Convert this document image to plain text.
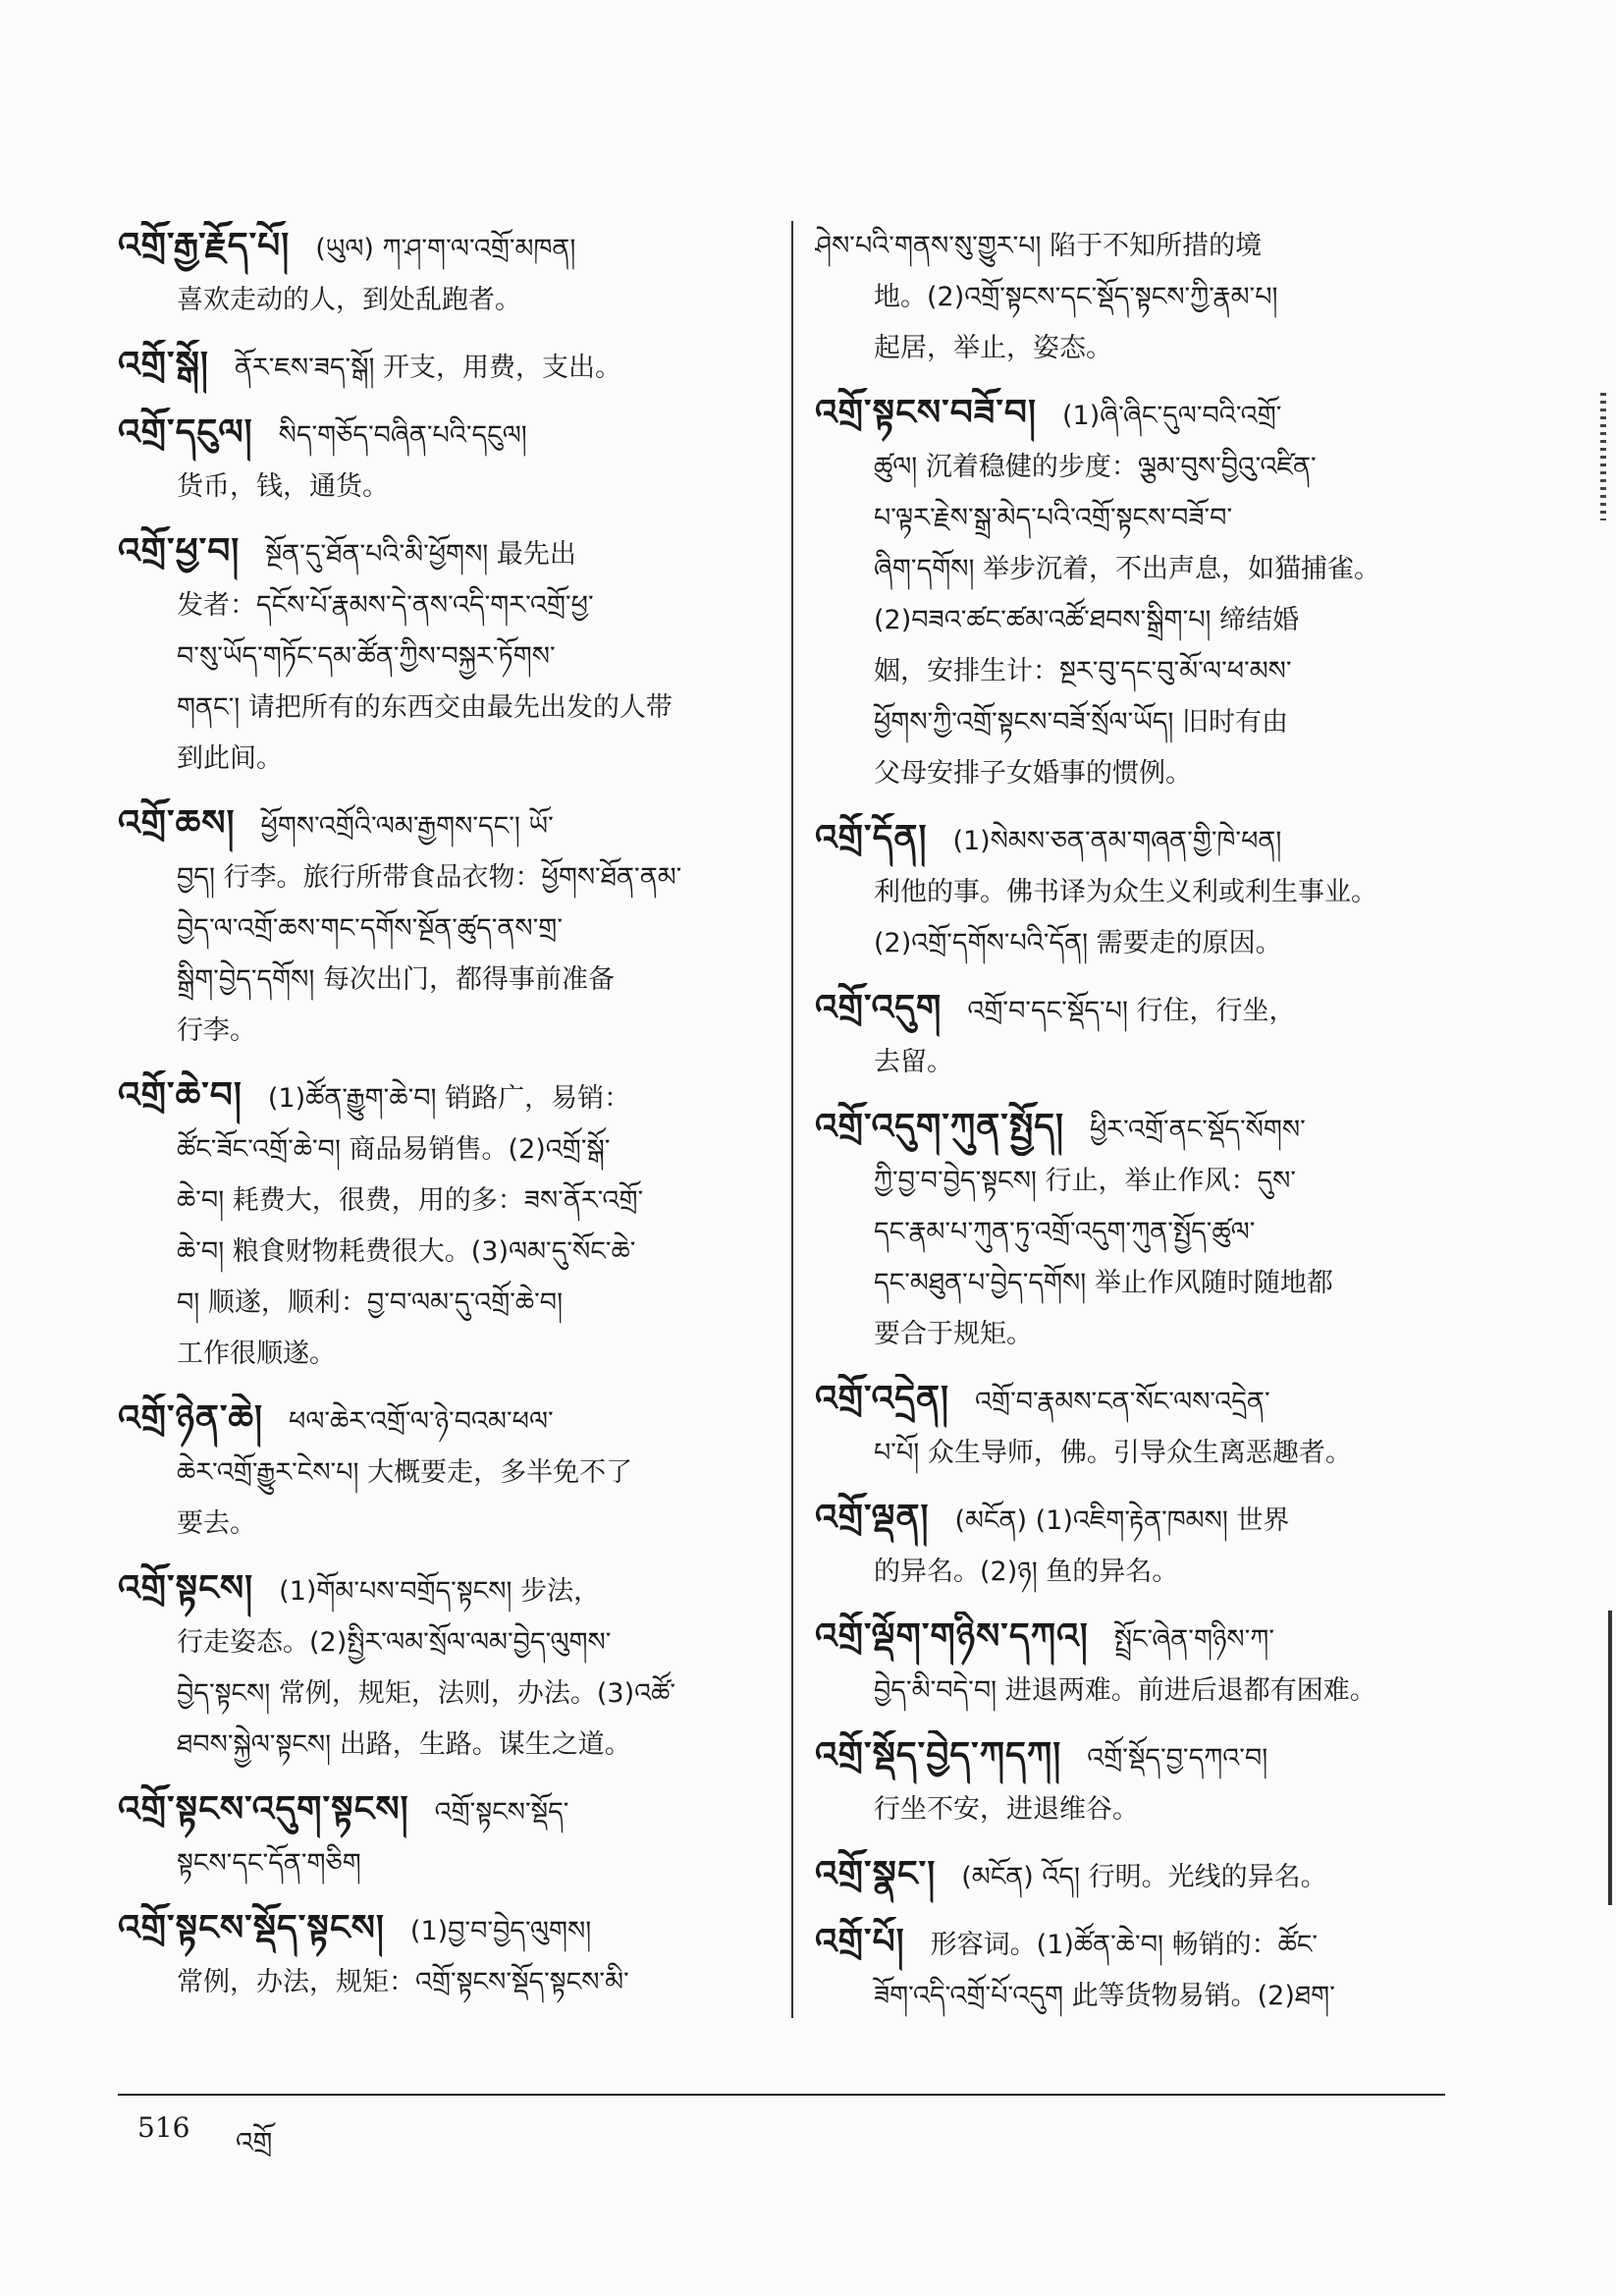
འགྲོ་རྒྱ་རྗོད་པོ། (ཡུལ) ཀ་ཤ་ག་ལ་འགྲོ་མཁན།
喜欢走动的人，到处乱跑者。
འགྲོ་སྒོ། ནོར་ཇས་ཟད་སྒོ། 开支，用费，支出。
འགྲོ་དངུལ། སིད་གཅོད་བཞིན་པའི་དངུལ།
货币，钱，通货。
འགྲོ་ཕྱ་བ། སྔོན་དུ་ཐོན་པའི་མི་ཕྱོགས། 最先出
发者：དངོས་པོ་རྣམས་དེ་ནས་འདི་གར་འགྲོ་ཕྱ་
བ་སུ་ཡོད་གཏོང་དམ་ཚོན་ཀྱིས་བསྐྱར་ཏོགས་
གནང་། 请把所有的东西交由最先出发的人带
到此间。
འགྲོ་ཆས། ཕྱོགས་འགྲོའི་ལམ་རྒྱགས་དང་། ཡོ་
བྱད། 行李。旅行所带食品衣物：ཕྱོགས་ཐོན་ནམ་
བྱེད་ལ་འགྲོ་ཆས་གང་དགོས་སྔོན་ཚུད་ནས་གྲ་
སྒྲིག་བྱེད་དགོས། 每次出门，都得事前准备
行李。
འགྲོ་ཆེ་བ། (1)ཚོན་རྒྱུག་ཆེ་བ། 销路广，易销：
ཚོང་ཟོང་འགྲོ་ཆེ་བ། 商品易销售。(2)འགྲོ་སྒོ་
ཆེ་བ། 耗费大，很费，用的多：ཟས་ནོར་འགྲོ་
ཆེ་བ། 粮食财物耗费很大。(3)ལམ་དུ་སོང་ཆེ་
བ། 顺遂，顺利：བྱ་བ་ལམ་དུ་འགྲོ་ཆེ་བ།
工作很顺遂。
འགྲོ་ཉེན་ཆེ། ཕལ་ཆེར་འགྲོ་ལ་ཉེ་བའམ་ཕལ་
ཆེར་འགྲོ་རྒྱུར་ངེས་པ། 大概要走，多半免不了
要去。
འགྲོ་སྟངས། (1)གོམ་པས་བགྲོད་སྟངས། 步法，
行走姿态。(2)སྤྱིར་ལམ་སྲོལ་ལམ་བྱེད་ལུགས་
བྱེད་སྟངས། 常例，规矩，法则，办法。(3)འཚོ་
ཐབས་སྐྱེལ་སྟངས། 出路，生路。谋生之道。
འགྲོ་སྟངས་འདུག་སྟངས། འགྲོ་སྟངས་སྡོད་
སྟངས་དང་དོན་གཅིག
འགྲོ་སྟངས་སྡོད་སྟངས། (1)བྱ་བ་བྱེད་ལུགས།
常例，办法，规矩：འགྲོ་སྟངས་སྡོད་སྟངས་མི་
ཤེས་པའི་གནས་སུ་གྱུར་པ། 陷于不知所措的境
地。(2)འགྲོ་སྟངས་དང་སྡོད་སྟངས་ཀྱི་རྣམ་པ།
起居，举止，姿态。
འགྲོ་སྟངས་བཟོ་བ། (1)ཞི་ཞིང་དུལ་བའི་འགྲོ་
ཚུལ། 沉着稳健的步度：ལྕམ་བུས་བྱིའུ་འཛིན་
པ་ལྟར་རྗེས་སྒྲ་མེད་པའི་འགྲོ་སྟངས་བཟོ་བ་
ཞིག་དགོས། 举步沉着，不出声息，如猫捕雀。
(2)བཟའ་ཚང་ཚམ་འཚོ་ཐབས་སྒྲིག་པ། 缔结婚
姻，安排生计：སྔར་བུ་དང་བུ་མོ་ལ་ཕ་མས་
ཕྱོགས་ཀྱི་འགྲོ་སྟངས་བཟོ་སྲོལ་ཡོད། 旧时有由
父母安排子女婚事的惯例。
འགྲོ་དོན། (1)སེམས་ཅན་ནམ་གཞན་གྱི་ཁེ་ཕན།
利他的事。佛书译为众生义利或利生事业。
(2)འགྲོ་དགོས་པའི་དོན། 需要走的原因。
འགྲོ་འདུག འགྲོ་བ་དང་སྡོད་པ། 行住，行坐，
去留。
འགྲོ་འདུག་ཀུན་སྤྱོད། ཕྱིར་འགྲོ་ནང་སྡོད་སོགས་
ཀྱི་བྱ་བ་བྱེད་སྟངས། 行止，举止作风：དུས་
དང་རྣམ་པ་ཀུན་ཏུ་འགྲོ་འདུག་ཀུན་སྤྱོད་ཚུལ་
དང་མཐུན་པ་བྱེད་དགོས། 举止作风随时随地都
要合于规矩。
འགྲོ་འདྲེན། འགྲོ་བ་རྣམས་ངན་སོང་ལས་འདྲེན་
པ་པོ། 众生导师，佛。引导众生离恶趣者。
འགྲོ་ལྡན། (མངོན) (1)འཇིག་རྟེན་ཁམས། 世界
的异名。(2)ཉ། 鱼的异名。
འགྲོ་ལྡོག་གཉིས་དཀའ། སྤྲོང་ཞེན་གཉིས་ཀ་
བྱེད་མི་བདེ་བ། 进退两难。前进后退都有困难。
འགྲོ་སྡོད་བྱེད་ཀདཀ། འགྲོ་སྡོད་བྱ་དཀའ་བ།
行坐不安，进退维谷。
འགྲོ་སྣང་། (མངོན) འོད། 行明。光线的异名。
འགྲོ་པོ། 形容词。(1)ཚོན་ཆེ་བ། 畅销的：ཚོང་
ཟོག་འདི་འགྲོ་པོ་འདུག 此等货物易销。(2)ཐག་
516 འགྲོ
